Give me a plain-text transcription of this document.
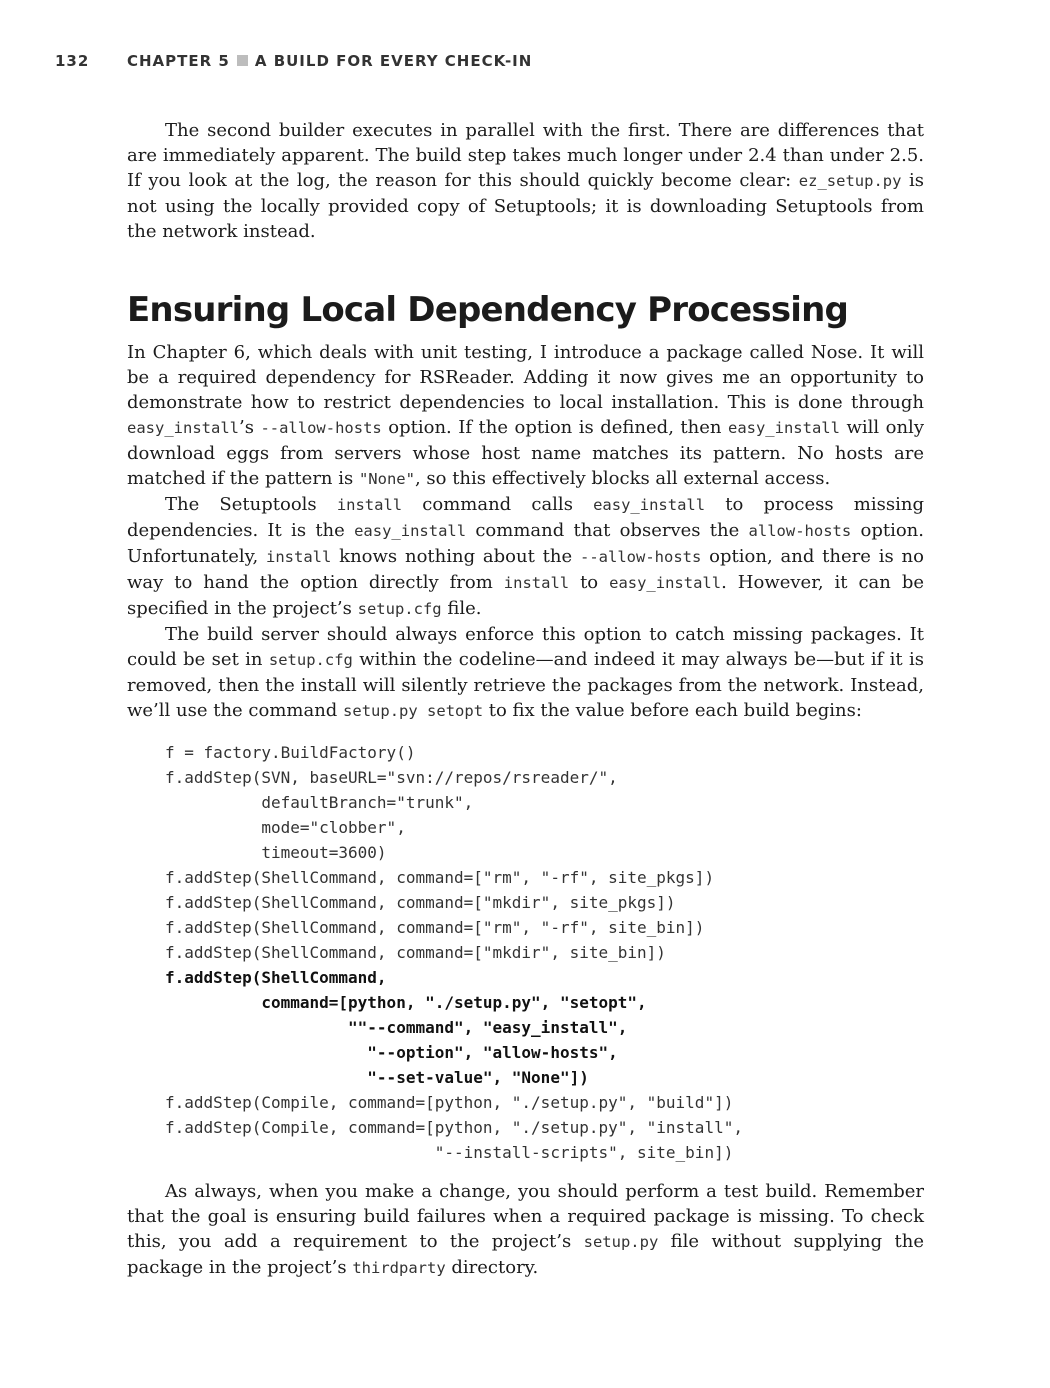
132	CHAPTER 5 A BUILD FOR EVERY CHECK-IN

The second builder executes in parallel with the first. There are differences that are immediately apparent. The build step takes much longer under 2.4 than under 2.5. If you look at the log, the reason for this should quickly become clear: ez_setup.py is not using the locally provided copy of Setuptools; it is downloading Setuptools from the network instead.

Ensuring Local Dependency Processing

In Chapter 6, which deals with unit testing, I introduce a package called Nose. It will be a required dependency for RSReader. Adding it now gives me an opportunity to demonstrate how to restrict dependencies to local installation. This is done through easy_install’s --allow-hosts option. If the option is defined, then easy_install will only download eggs from servers whose host name matches its pattern. No hosts are matched if the pattern is "None", so this effectively blocks all external access.

The Setuptools install command calls easy_install to process missing dependencies. It is the easy_install command that observes the allow-hosts option. Unfortunately, install knows nothing about the --allow-hosts option, and there is no way to hand the option directly from install to easy_install. However, it can be specified in the project’s setup.cfg file.

The build server should always enforce this option to catch missing packages. It could be set in setup.cfg within the codeline—and indeed it may always be—but if it is removed, then the install will silently retrieve the packages from the network. Instead, we’ll use the command setup.py setopt to fix the value before each build begins:

f = factory.BuildFactory()
f.addStep(SVN, baseURL="svn://repos/rsreader/",
defaultBranch="trunk",
mode="clobber",
timeout=3600)
f.addStep(ShellCommand, command=["rm", "-rf", site_pkgs])
f.addStep(ShellCommand, command=["mkdir", site_pkgs])
f.addStep(ShellCommand, command=["rm", "-rf", site_bin])
f.addStep(ShellCommand, command=["mkdir", site_bin])
f.addStep(ShellCommand,
command=[python, "./setup.py", "setopt",
""--command", "easy_install",
"--option", "allow-hosts",
"--set-value", "None"])
f.addStep(Compile, command=[python, "./setup.py", "build"])
f.addStep(Compile, command=[python, "./setup.py", "install",
"--install-scripts", site_bin])

As always, when you make a change, you should perform a test build. Remember that the goal is ensuring build failures when a required package is missing. To check this, you add a requirement to the project’s setup.py file without supplying the package in the project’s thirdparty directory.
